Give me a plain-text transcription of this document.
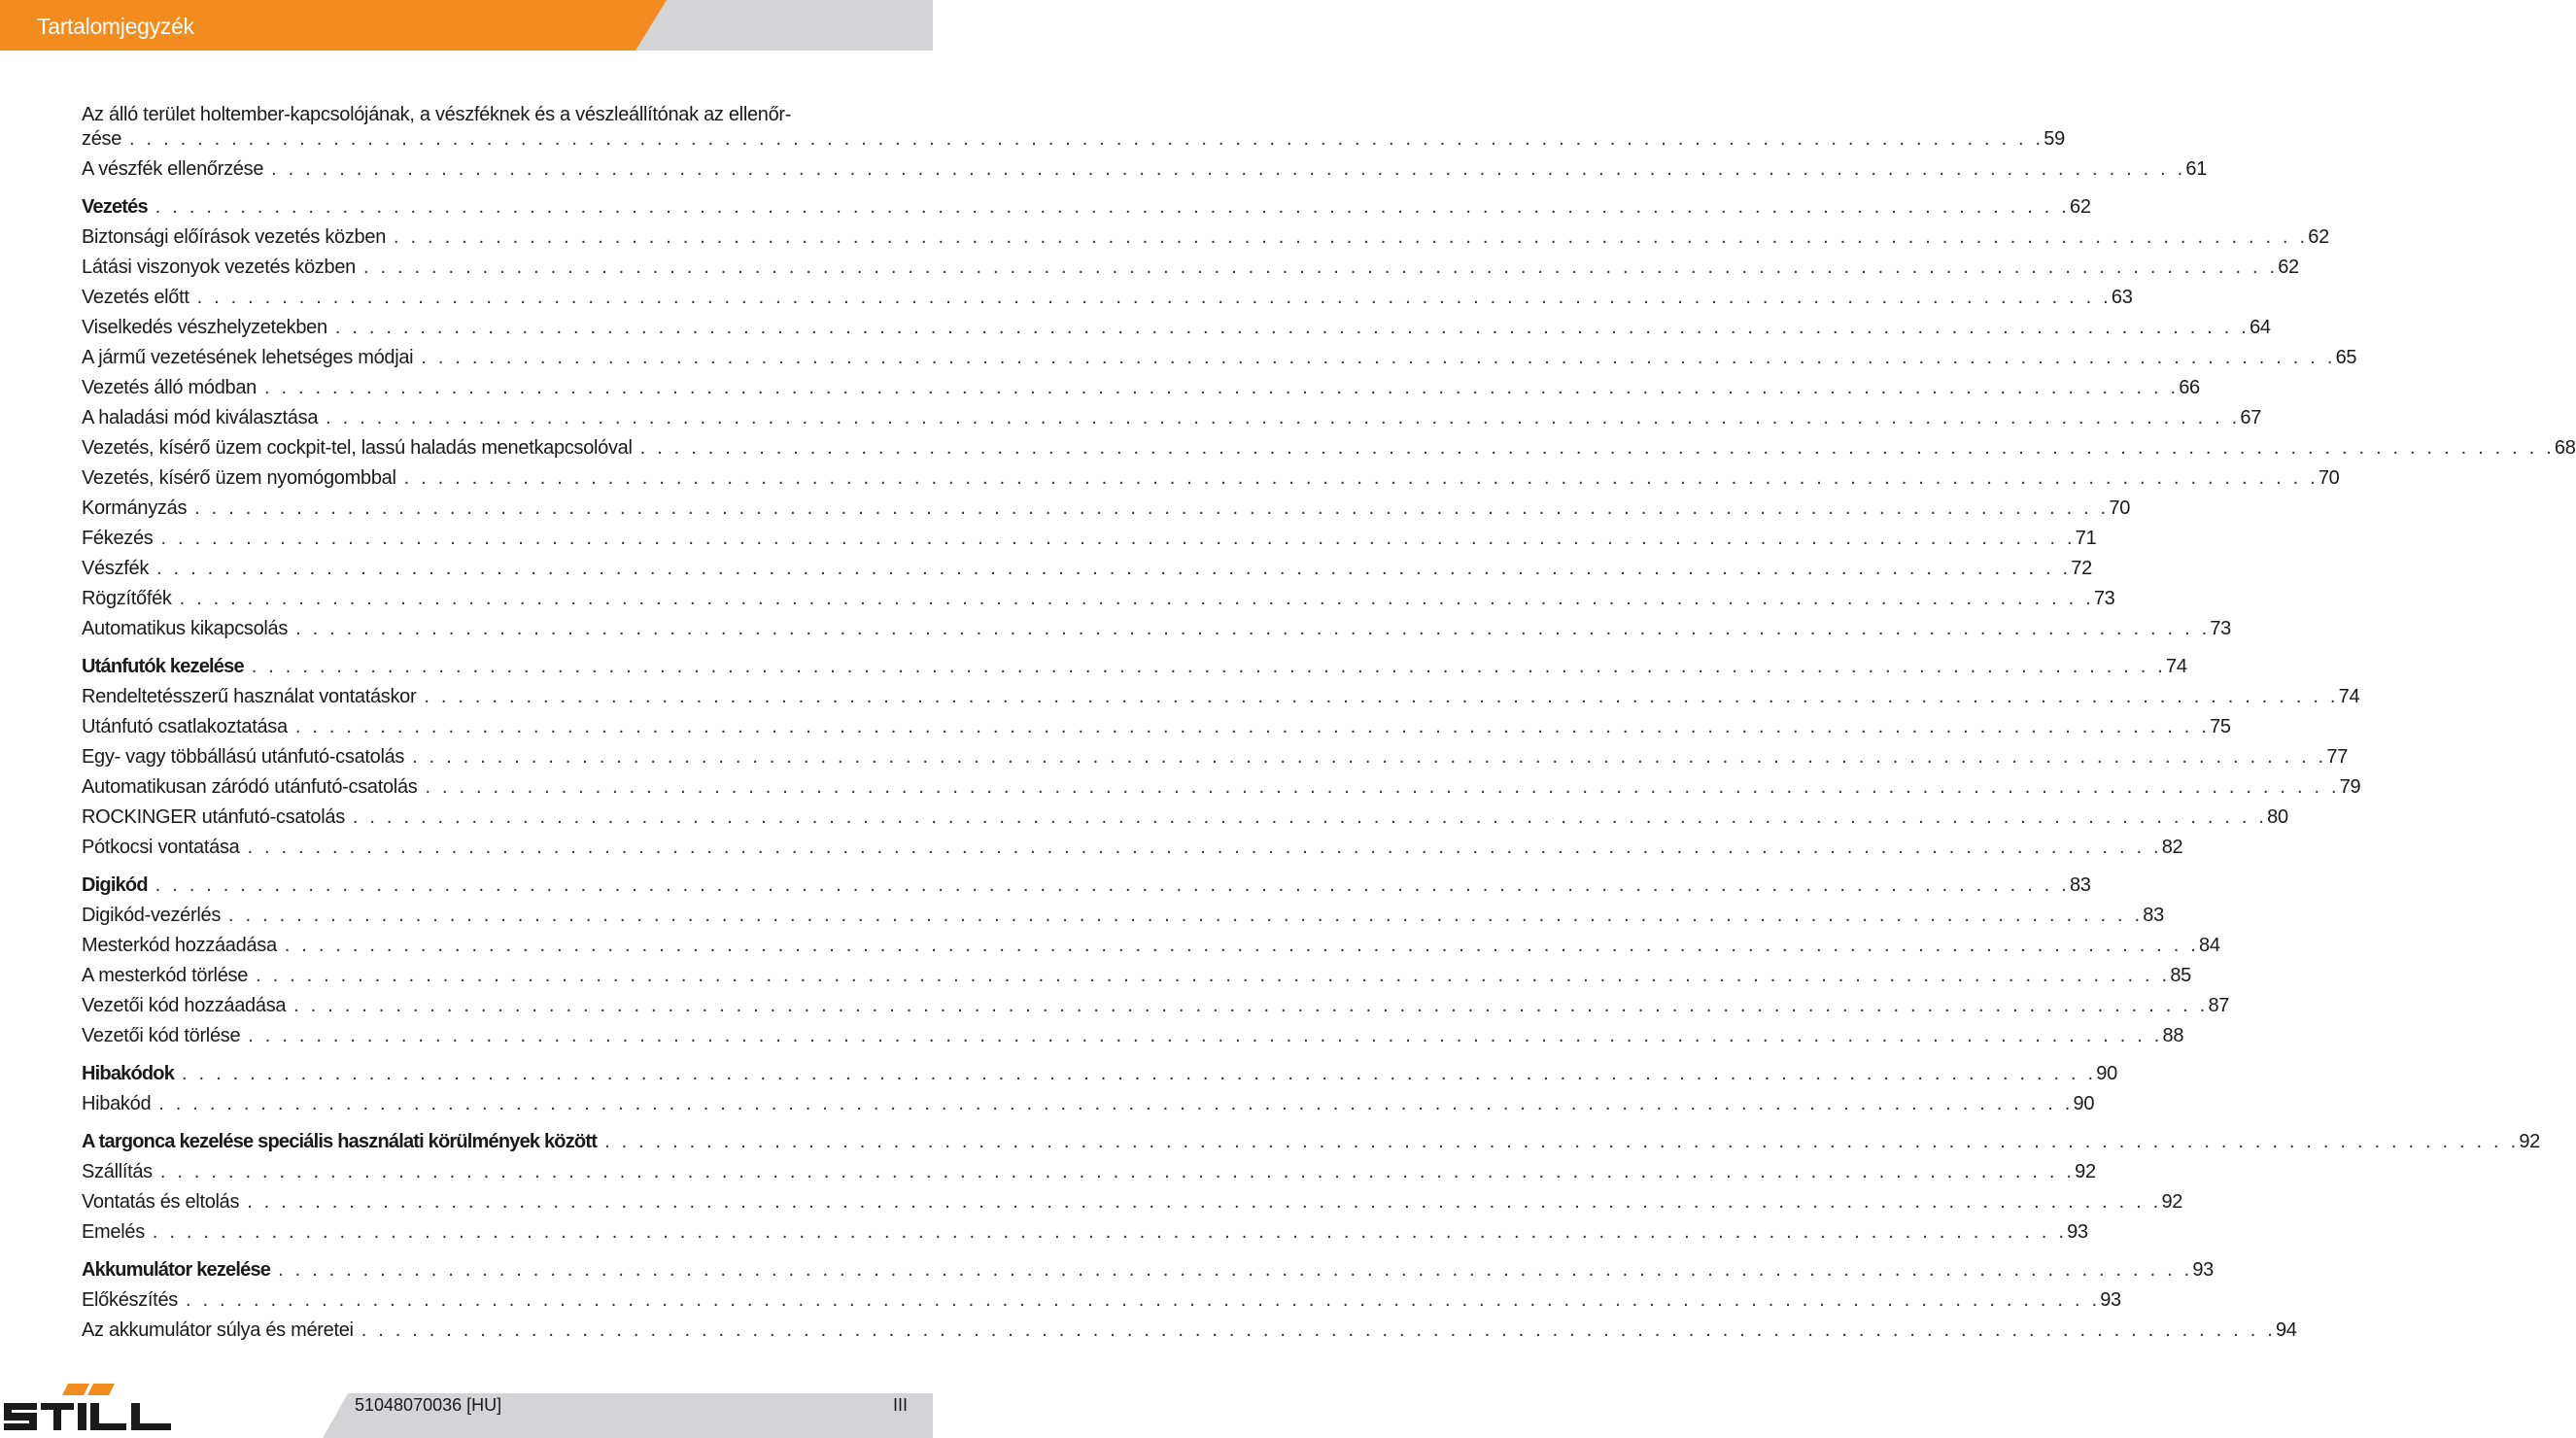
Tartalomjegyzék
Az álló terület holtember-kapcsolójának, a vészféknek és a vészleállítónak az ellenőr-
zése . . . . . . . . . . . . . . . . . . . . . . . . . . . . . . . . . . . . . . . . . . . . . . . . . . . . . . . . . . . . . . . . . . . . . . . . . . . . . . . . . . . . . . . . . . . . . . . . . . . . . . . . . . . . . . . . . 59
A vészfék ellenőrzése . . . . . . . . . . . . . . . . . . . . . . . . . . . . . . . . . . . . . . . . . . . . . . . . . . . . . . . . . . . . . . . . . . . . . . . . . . . . . . . . . . . . . . . . . . . . . . . . . . . . . . . . . . . . . . . . . 61
Vezetés . . . . . . . . . . . . . . . . . . . . . . . . . . . . . . . . . . . . . . . . . . . . . . . . . . . . . . . . . . . . . . . . . . . . . . . . . . . . . . . . . . . . . . . . . . . . . . . . . . . . . . . . . . . . . . . . . 62
Biztonsági előírások vezetés közben . . . . . . . . . . . . . . . . . . . . . . . . . . . . . . . . . . . . . . . . . . . . . . . . . . . . . . . . . . . . . . . . . . . . . . . . . . . . . . . . . . . . . . . . . . . . . . . . . . . . . . . . . . . . . . . . . 62
Látási viszonyok vezetés közben . . . . . . . . . . . . . . . . . . . . . . . . . . . . . . . . . . . . . . . . . . . . . . . . . . . . . . . . . . . . . . . . . . . . . . . . . . . . . . . . . . . . . . . . . . . . . . . . . . . . . . . . . . . . . . . . . 62
Vezetés előtt . . . . . . . . . . . . . . . . . . . . . . . . . . . . . . . . . . . . . . . . . . . . . . . . . . . . . . . . . . . . . . . . . . . . . . . . . . . . . . . . . . . . . . . . . . . . . . . . . . . . . . . . . . . . . . . . . 63
Viselkedés vészhelyzetekben . . . . . . . . . . . . . . . . . . . . . . . . . . . . . . . . . . . . . . . . . . . . . . . . . . . . . . . . . . . . . . . . . . . . . . . . . . . . . . . . . . . . . . . . . . . . . . . . . . . . . . . . . . . . . . . . . 64
A jármű vezetésének lehetséges módjai . . . . . . . . . . . . . . . . . . . . . . . . . . . . . . . . . . . . . . . . . . . . . . . . . . . . . . . . . . . . . . . . . . . . . . . . . . . . . . . . . . . . . . . . . . . . . . . . . . . . . . . . . . . . . . . . . 65
Vezetés álló módban . . . . . . . . . . . . . . . . . . . . . . . . . . . . . . . . . . . . . . . . . . . . . . . . . . . . . . . . . . . . . . . . . . . . . . . . . . . . . . . . . . . . . . . . . . . . . . . . . . . . . . . . . . . . . . . . . 66
A haladási mód kiválasztása . . . . . . . . . . . . . . . . . . . . . . . . . . . . . . . . . . . . . . . . . . . . . . . . . . . . . . . . . . . . . . . . . . . . . . . . . . . . . . . . . . . . . . . . . . . . . . . . . . . . . . . . . . . . . . . . . 67
Vezetés, kísérő üzem cockpit-tel, lassú haladás menetkapcsolóval . . . . . . . . . . . . . . . . . . . . . . . . . . . . . . . . . . . . . . . . . . . . . . . . . . . . . . . . . . . . . . . . . . . . . . . . . . . . . . . . . . . . . . . . . . . . . . . . . . . . . . . . . . . . . . . . . 68
Vezetés, kísérő üzem nyomógombbal . . . . . . . . . . . . . . . . . . . . . . . . . . . . . . . . . . . . . . . . . . . . . . . . . . . . . . . . . . . . . . . . . . . . . . . . . . . . . . . . . . . . . . . . . . . . . . . . . . . . . . . . . . . . . . . . . 70
Kormányzás . . . . . . . . . . . . . . . . . . . . . . . . . . . . . . . . . . . . . . . . . . . . . . . . . . . . . . . . . . . . . . . . . . . . . . . . . . . . . . . . . . . . . . . . . . . . . . . . . . . . . . . . . . . . . . . . . 70
Fékezés . . . . . . . . . . . . . . . . . . . . . . . . . . . . . . . . . . . . . . . . . . . . . . . . . . . . . . . . . . . . . . . . . . . . . . . . . . . . . . . . . . . . . . . . . . . . . . . . . . . . . . . . . . . . . . . . . 71
Vészfék . . . . . . . . . . . . . . . . . . . . . . . . . . . . . . . . . . . . . . . . . . . . . . . . . . . . . . . . . . . . . . . . . . . . . . . . . . . . . . . . . . . . . . . . . . . . . . . . . . . . . . . . . . . . . . . . . 72
Rögzítőfék . . . . . . . . . . . . . . . . . . . . . . . . . . . . . . . . . . . . . . . . . . . . . . . . . . . . . . . . . . . . . . . . . . . . . . . . . . . . . . . . . . . . . . . . . . . . . . . . . . . . . . . . . . . . . . . . . 73
Automatikus kikapcsolás . . . . . . . . . . . . . . . . . . . . . . . . . . . . . . . . . . . . . . . . . . . . . . . . . . . . . . . . . . . . . . . . . . . . . . . . . . . . . . . . . . . . . . . . . . . . . . . . . . . . . . . . . . . . . . . . . 73
Utánfutók kezelése . . . . . . . . . . . . . . . . . . . . . . . . . . . . . . . . . . . . . . . . . . . . . . . . . . . . . . . . . . . . . . . . . . . . . . . . . . . . . . . . . . . . . . . . . . . . . . . . . . . . . . . . . . . . . . . . . 74
Rendeltetésszerű használat vontatáskor . . . . . . . . . . . . . . . . . . . . . . . . . . . . . . . . . . . . . . . . . . . . . . . . . . . . . . . . . . . . . . . . . . . . . . . . . . . . . . . . . . . . . . . . . . . . . . . . . . . . . . . . . . . . . . . . . 74
Utánfutó csatlakoztatása . . . . . . . . . . . . . . . . . . . . . . . . . . . . . . . . . . . . . . . . . . . . . . . . . . . . . . . . . . . . . . . . . . . . . . . . . . . . . . . . . . . . . . . . . . . . . . . . . . . . . . . . . . . . . . . . . 75
Egy- vagy többállású utánfutó-csatolás . . . . . . . . . . . . . . . . . . . . . . . . . . . . . . . . . . . . . . . . . . . . . . . . . . . . . . . . . . . . . . . . . . . . . . . . . . . . . . . . . . . . . . . . . . . . . . . . . . . . . . . . . . . . . . . . . 77
Automatikusan záródó utánfutó-csatolás . . . . . . . . . . . . . . . . . . . . . . . . . . . . . . . . . . . . . . . . . . . . . . . . . . . . . . . . . . . . . . . . . . . . . . . . . . . . . . . . . . . . . . . . . . . . . . . . . . . . . . . . . . . . . . . . . 79
ROCKINGER utánfutó-csatolás . . . . . . . . . . . . . . . . . . . . . . . . . . . . . . . . . . . . . . . . . . . . . . . . . . . . . . . . . . . . . . . . . . . . . . . . . . . . . . . . . . . . . . . . . . . . . . . . . . . . . . . . . . . . . . . . . 80
Pótkocsi vontatása . . . . . . . . . . . . . . . . . . . . . . . . . . . . . . . . . . . . . . . . . . . . . . . . . . . . . . . . . . . . . . . . . . . . . . . . . . . . . . . . . . . . . . . . . . . . . . . . . . . . . . . . . . . . . . . . . 82
Digikód . . . . . . . . . . . . . . . . . . . . . . . . . . . . . . . . . . . . . . . . . . . . . . . . . . . . . . . . . . . . . . . . . . . . . . . . . . . . . . . . . . . . . . . . . . . . . . . . . . . . . . . . . . . . . . . . . 83
Digikód-vezérlés . . . . . . . . . . . . . . . . . . . . . . . . . . . . . . . . . . . . . . . . . . . . . . . . . . . . . . . . . . . . . . . . . . . . . . . . . . . . . . . . . . . . . . . . . . . . . . . . . . . . . . . . . . . . . . . . . 83
Mesterkód hozzáadása . . . . . . . . . . . . . . . . . . . . . . . . . . . . . . . . . . . . . . . . . . . . . . . . . . . . . . . . . . . . . . . . . . . . . . . . . . . . . . . . . . . . . . . . . . . . . . . . . . . . . . . . . . . . . . . . . 84
A mesterkód törlése . . . . . . . . . . . . . . . . . . . . . . . . . . . . . . . . . . . . . . . . . . . . . . . . . . . . . . . . . . . . . . . . . . . . . . . . . . . . . . . . . . . . . . . . . . . . . . . . . . . . . . . . . . . . . . . . . 85
Vezetői kód hozzáadása . . . . . . . . . . . . . . . . . . . . . . . . . . . . . . . . . . . . . . . . . . . . . . . . . . . . . . . . . . . . . . . . . . . . . . . . . . . . . . . . . . . . . . . . . . . . . . . . . . . . . . . . . . . . . . . . . 87
Vezetői kód törlése . . . . . . . . . . . . . . . . . . . . . . . . . . . . . . . . . . . . . . . . . . . . . . . . . . . . . . . . . . . . . . . . . . . . . . . . . . . . . . . . . . . . . . . . . . . . . . . . . . . . . . . . . . . . . . . . . 88
Hibakódok . . . . . . . . . . . . . . . . . . . . . . . . . . . . . . . . . . . . . . . . . . . . . . . . . . . . . . . . . . . . . . . . . . . . . . . . . . . . . . . . . . . . . . . . . . . . . . . . . . . . . . . . . . . . . . . . . 90
Hibakód . . . . . . . . . . . . . . . . . . . . . . . . . . . . . . . . . . . . . . . . . . . . . . . . . . . . . . . . . . . . . . . . . . . . . . . . . . . . . . . . . . . . . . . . . . . . . . . . . . . . . . . . . . . . . . . . . 90
A targonca kezelése speciális használati körülmények között . . . . . . . . . . . . . . . . . . . . . . . . . . . . . . . . . . . . . . . . . . . . . . . . . . . . . . . . . . . . . . . . . . . . . . . . . . . . . . . . . . . . . . . . . . . . . . . . . . . . . . . . . . . . . . . . . 92
Szállítás . . . . . . . . . . . . . . . . . . . . . . . . . . . . . . . . . . . . . . . . . . . . . . . . . . . . . . . . . . . . . . . . . . . . . . . . . . . . . . . . . . . . . . . . . . . . . . . . . . . . . . . . . . . . . . . . . 92
Vontatás és eltolás . . . . . . . . . . . . . . . . . . . . . . . . . . . . . . . . . . . . . . . . . . . . . . . . . . . . . . . . . . . . . . . . . . . . . . . . . . . . . . . . . . . . . . . . . . . . . . . . . . . . . . . . . . . . . . . . . 92
Emelés . . . . . . . . . . . . . . . . . . . . . . . . . . . . . . . . . . . . . . . . . . . . . . . . . . . . . . . . . . . . . . . . . . . . . . . . . . . . . . . . . . . . . . . . . . . . . . . . . . . . . . . . . . . . . . . . . 93
Akkumulátor kezelése . . . . . . . . . . . . . . . . . . . . . . . . . . . . . . . . . . . . . . . . . . . . . . . . . . . . . . . . . . . . . . . . . . . . . . . . . . . . . . . . . . . . . . . . . . . . . . . . . . . . . . . . . . . . . . . . . 93
Előkészítés . . . . . . . . . . . . . . . . . . . . . . . . . . . . . . . . . . . . . . . . . . . . . . . . . . . . . . . . . . . . . . . . . . . . . . . . . . . . . . . . . . . . . . . . . . . . . . . . . . . . . . . . . . . . . . . . . 93
Az akkumulátor súlya és méretei . . . . . . . . . . . . . . . . . . . . . . . . . . . . . . . . . . . . . . . . . . . . . . . . . . . . . . . . . . . . . . . . . . . . . . . . . . . . . . . . . . . . . . . . . . . . . . . . . . . . . . . . . . . . . . . . . 94
51048070036 [HU]	III
